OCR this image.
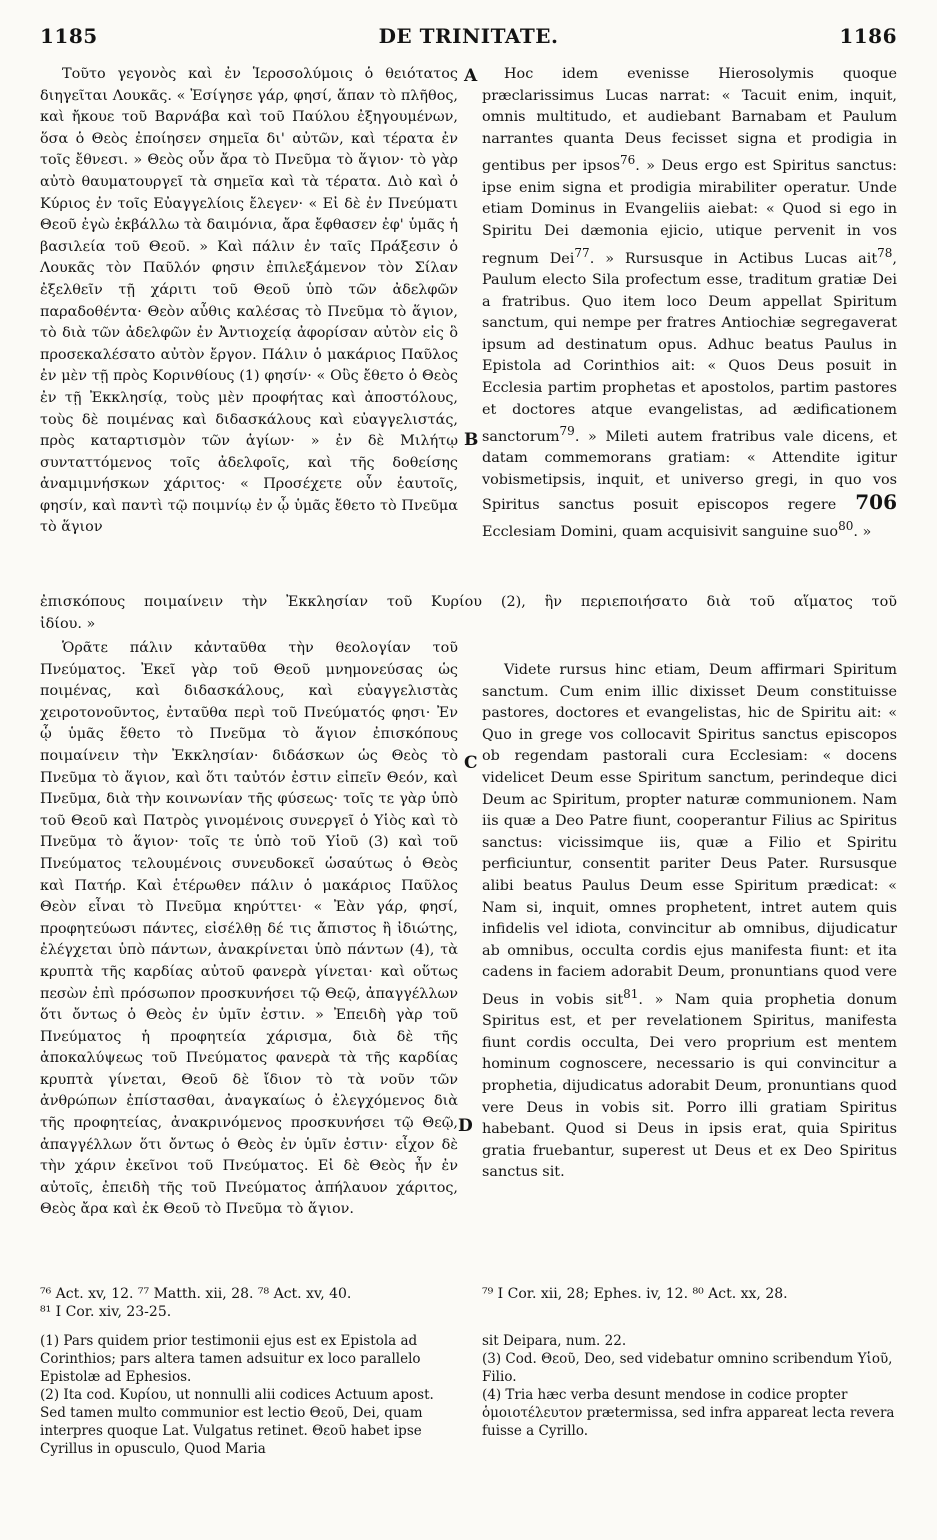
1185	DE TRINITATE.	1186
A
B
C
D

Τοῦτο γεγονὸς καὶ ἐν Ἱεροσολύμοις ὁ θειότατος διηγεῖται Λουκᾶς. « Ἐσίγησε γάρ, φησί, ἅπαν τὸ πλῆθος, καὶ ἤκουε τοῦ Βαρνάβα καὶ τοῦ Παύλου ἐξηγουμένων, ὅσα ὁ Θεὸς ἐποίησεν σημεῖα δι' αὐτῶν, καὶ τέρατα ἐν τοῖς ἔθνεσι. » Θεὸς οὖν ἄρα τὸ Πνεῦμα τὸ ἅγιον· τὸ γὰρ αὐτὸ θαυματουργεῖ τὰ σημεῖα καὶ τὰ τέρατα. Διὸ καὶ ὁ Κύριος ἐν τοῖς Εὐαγγελίοις ἔλεγεν· « Εἰ δὲ ἐν Πνεύματι Θεοῦ ἐγὼ ἐκβάλλω τὰ δαιμόνια, ἄρα ἔφθασεν ἐφ' ὑμᾶς ἡ βασιλεία τοῦ Θεοῦ. » Καὶ πάλιν ἐν ταῖς Πράξεσιν ὁ Λουκᾶς τὸν Παῦλόν φησιν ἐπιλεξάμενον τὸν Σίλαν ἐξελθεῖν τῇ χάριτι τοῦ Θεοῦ ὑπὸ τῶν ἀδελφῶν παραδοθέντα· Θεὸν αὖθις καλέσας τὸ Πνεῦμα τὸ ἅγιον, τὸ διὰ τῶν ἀδελφῶν ἐν Ἀντιοχείᾳ ἀφορίσαν αὐτὸν εἰς ὃ προσεκαλέσατο αὐτὸν ἔργον. Πάλιν ὁ μακάριος Παῦλος ἐν μὲν τῇ πρὸς Κορινθίους (1) φησίν· « Οὓς ἔθετο ὁ Θεὸς ἐν τῇ Ἐκκλησίᾳ, τοὺς μὲν προφήτας καὶ ἀποστόλους, τοὺς δὲ ποιμένας καὶ διδασκάλους καὶ εὐαγγελιστάς, πρὸς καταρτισμὸν τῶν ἁγίων· » ἐν δὲ Μιλήτῳ συνταττόμενος τοῖς ἀδελφοῖς, καὶ τῆς δοθείσης ἀναμιμνήσκων χάριτος· « Προσέχετε οὖν ἑαυτοῖς, φησίν, καὶ παντὶ τῷ ποιμνίῳ ἐν ᾧ ὑμᾶς ἔθετο τὸ Πνεῦμα τὸ ἅγιον

Hoc idem evenisse Hierosolymis quoque præclarissimus Lucas narrat: « Tacuit enim, inquit, omnis multitudo, et audiebant Barnabam et Paulum narrantes quanta Deus fecisset signa et prodigia in gentibus per ipsos$^{76}$. » Deus ergo est Spiritus sanctus: ipse enim signa et prodigia mirabiliter operatur. Unde etiam Dominus in Evangeliis aiebat: « Quod si ego in Spiritu Dei dæmonia ejicio, utique pervenit in vos regnum Dei$^{77}$. » Rursusque in Actibus Lucas ait$^{78}$, Paulum electo Sila profectum esse, traditum gratiæ Dei a fratribus. Quo item loco Deum appellat Spiritum sanctum, qui nempe per fratres Antiochiæ segregaverat ipsum ad destinatum opus. Adhuc beatus Paulus in Epistola ad Corinthios ait: « Quos Deus posuit in Ecclesia partim prophetas et apostolos, partim pastores et doctores atque evangelistas, ad ædificationem sanctorum$^{79}$. » Mileti autem fratribus vale dicens, et datam commemorans gratiam: « Attendite igitur vobismetipsis, inquit, et universo gregi, in quo vos Spiritus sanctus posuit episcopos regere 706 Ecclesiam Domini, quam acquisivit sanguine suo$^{80}$. »

ἐπισκόπους ποιμαίνειν τὴν Ἐκκλησίαν τοῦ Κυρίου (2), ἣν περιεποιήσατο διὰ τοῦ αἵματος τοῦ

ἰδίου. »

Ὁρᾶτε πάλιν κἀνταῦθα τὴν θεολογίαν τοῦ Πνεύματος. Ἐκεῖ γὰρ τοῦ Θεοῦ μνημονεύσας ὡς ποιμένας, καὶ διδασκάλους, καὶ εὐαγγελιστὰς χειροτονοῦντος, ἐνταῦθα περὶ τοῦ Πνεύματός φησι· Ἐν ᾧ ὑμᾶς ἔθετο τὸ Πνεῦμα τὸ ἅγιον ἐπισκόπους ποιμαίνειν τὴν Ἐκκλησίαν· διδάσκων ὡς Θεὸς τὸ Πνεῦμα τὸ ἅγιον, καὶ ὅτι ταὐτόν ἐστιν εἰπεῖν Θεόν, καὶ Πνεῦμα, διὰ τὴν κοινωνίαν τῆς φύσεως· τοῖς τε γὰρ ὑπὸ τοῦ Θεοῦ καὶ Πατρὸς γινομένοις συνεργεῖ ὁ Υἱὸς καὶ τὸ Πνεῦμα τὸ ἅγιον· τοῖς τε ὑπὸ τοῦ Υἱοῦ (3) καὶ τοῦ Πνεύματος τελουμένοις συνευδοκεῖ ὡσαύτως ὁ Θεὸς καὶ Πατήρ. Καὶ ἑτέρωθεν πάλιν ὁ μακάριος Παῦλος Θεὸν εἶναι τὸ Πνεῦμα κηρύττει· « Ἐὰν γάρ, φησί, προφητεύωσι πάντες, εἰσέλθῃ δέ τις ἄπιστος ἢ ἰδιώτης, ἐλέγχεται ὑπὸ πάντων, ἀνακρίνεται ὑπὸ πάντων (4), τὰ κρυπτὰ τῆς καρδίας αὐτοῦ φανερὰ γίνεται· καὶ οὕτως πεσὼν ἐπὶ πρόσωπον προσκυνήσει τῷ Θεῷ, ἀπαγγέλλων ὅτι ὄντως ὁ Θεὸς ἐν ὑμῖν ἐστιν. » Ἐπειδὴ γὰρ τοῦ Πνεύματος ἡ προφητεία χάρισμα, διὰ δὲ τῆς ἀποκαλύψεως τοῦ Πνεύματος φανερὰ τὰ τῆς καρδίας κρυπτὰ γίνεται, Θεοῦ δὲ ἴδιον τὸ τὰ νοῦν τῶν ἀνθρώπων ἐπίστασθαι, ἀναγκαίως ὁ ἐλεγχόμενος διὰ τῆς προφητείας, ἀνακρινόμενος προσκυνήσει τῷ Θεῷ, ἀπαγγέλλων ὅτι ὄντως ὁ Θεὸς ἐν ὑμῖν ἐστιν· εἶχον δὲ τὴν χάριν ἐκεῖνοι τοῦ Πνεύματος. Εἰ δὲ Θεὸς ἦν ἐν αὐτοῖς, ἐπειδὴ τῆς τοῦ Πνεύματος ἀπήλαυον χάριτος, Θεὸς ἄρα καὶ ἐκ Θεοῦ τὸ Πνεῦμα τὸ ἅγιον.

Videte rursus hinc etiam, Deum affirmari Spiritum sanctum. Cum enim illic dixisset Deum constituisse pastores, doctores et evangelistas, hic de Spiritu ait: « Quo in grege vos collocavit Spiritus sanctus episcopos ob regendam pastorali cura Ecclesiam: « docens videlicet Deum esse Spiritum sanctum, perindeque dici Deum ac Spiritum, propter naturæ communionem. Nam iis quæ a Deo Patre fiunt, cooperantur Filius ac Spiritus sanctus: vicissimque iis, quæ a Filio et Spiritu perficiuntur, consentit pariter Deus Pater. Rursusque alibi beatus Paulus Deum esse Spiritum prædicat: « Nam si, inquit, omnes prophetent, intret autem quis infidelis vel idiota, convincitur ab omnibus, dijudicatur ab omnibus, occulta cordis ejus manifesta fiunt: et ita cadens in faciem adorabit Deum, pronuntians quod vere Deus in vobis sit$^{81}$. » Nam quia prophetia donum Spiritus est, et per revelationem Spiritus, manifesta fiunt cordis occulta, Dei vero proprium est mentem hominum cognoscere, necessario is qui convincitur a prophetia, dijudicatus adorabit Deum, pronuntians quod vere Deus in vobis sit. Porro illi gratiam Spiritus habebant. Quod si Deus in ipsis erat, quia Spiritus gratia fruebantur, superest ut Deus et ex Deo Spiritus sanctus sit.

⁷⁶ Act. xv, 12. ⁷⁷ Matth. xii, 28. ⁷⁸ Act. xv, 40.
⁸¹ I Cor. xiv, 23-25.
⁷⁹ I Cor. xii, 28; Ephes. iv, 12. ⁸⁰ Act. xx, 28.

(1) Pars quidem prior testimonii ejus est ex Epistola ad Corinthios; pars altera tamen adsuitur ex loco parallelo Epistolæ ad Ephesios.

(2) Ita cod. Κυρίου, ut nonnulli alii codices Actuum apost. Sed tamen multo communior est lectio Θεοῦ, Dei, quam interpres quoque Lat. Vulgatus retinet. Θεοῦ habet ipse Cyrillus in opusculo, Quod Maria

sit Deipara, num. 22.

(3) Cod. Θεοῦ, Deo, sed videbatur omnino scribendum Υἱοῦ, Filio.

(4) Tria hæc verba desunt mendose in codice propter ὁμοιοτέλευτον prætermissa, sed infra appareat lecta revera fuisse a Cyrillo.
